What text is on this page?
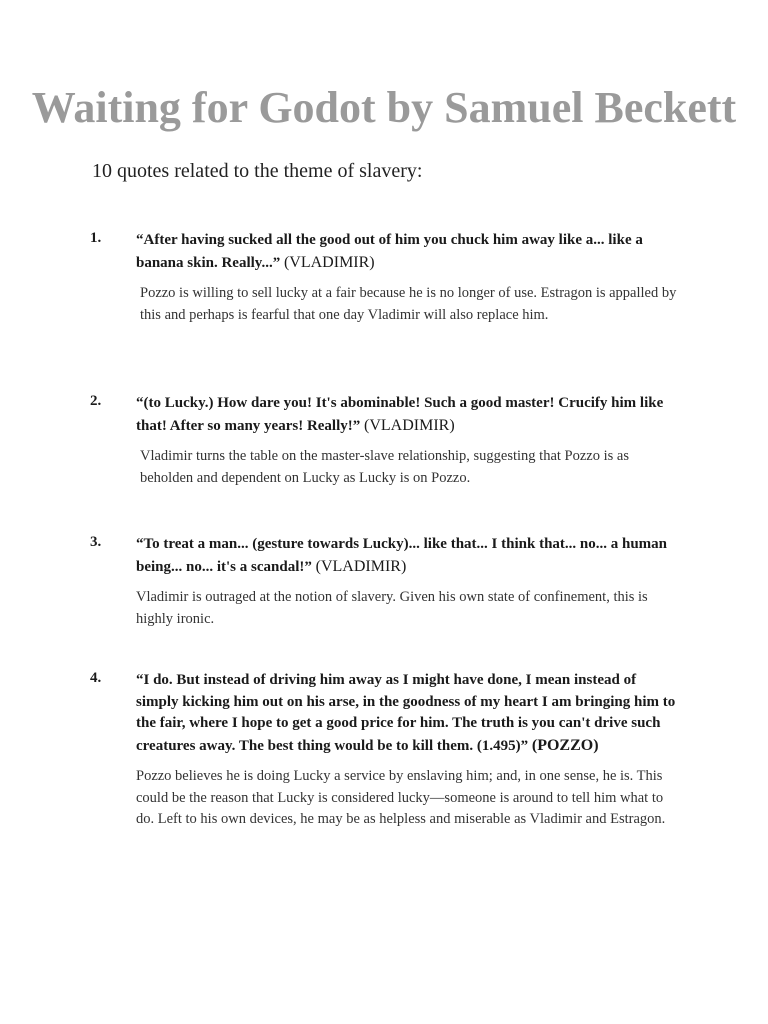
Waiting for Godot by Samuel Beckett
10 quotes related to the theme of slavery:
1. “After having sucked all the good out of him you chuck him away like a... like a banana skin. Really...” (VLADIMIR)
Pozzo is willing to sell lucky at a fair because he is no longer of use. Estragon is appalled by this and perhaps is fearful that one day Vladimir will also replace him.
2. “(to Lucky.) How dare you! It's abominable! Such a good master! Crucify him like that! After so many years! Really!” (VLADIMIR)
Vladimir turns the table on the master-slave relationship, suggesting that Pozzo is as beholden and dependent on Lucky as Lucky is on Pozzo.
3. “To treat a man... (gesture towards Lucky)... like that... I think that... no... a human being... no... it's a scandal!” (VLADIMIR)
Vladimir is outraged at the notion of slavery. Given his own state of confinement, this is highly ironic.
4. “I do. But instead of driving him away as I might have done, I mean instead of simply kicking him out on his arse, in the goodness of my heart I am bringing him to the fair, where I hope to get a good price for him. The truth is you can't drive such creatures away. The best thing would be to kill them. (1.495)” (POZZO)
Pozzo believes he is doing Lucky a service by enslaving him; and, in one sense, he is. This could be the reason that Lucky is considered lucky—someone is around to tell him what to do. Left to his own devices, he may be as helpless and miserable as Vladimir and Estragon.
